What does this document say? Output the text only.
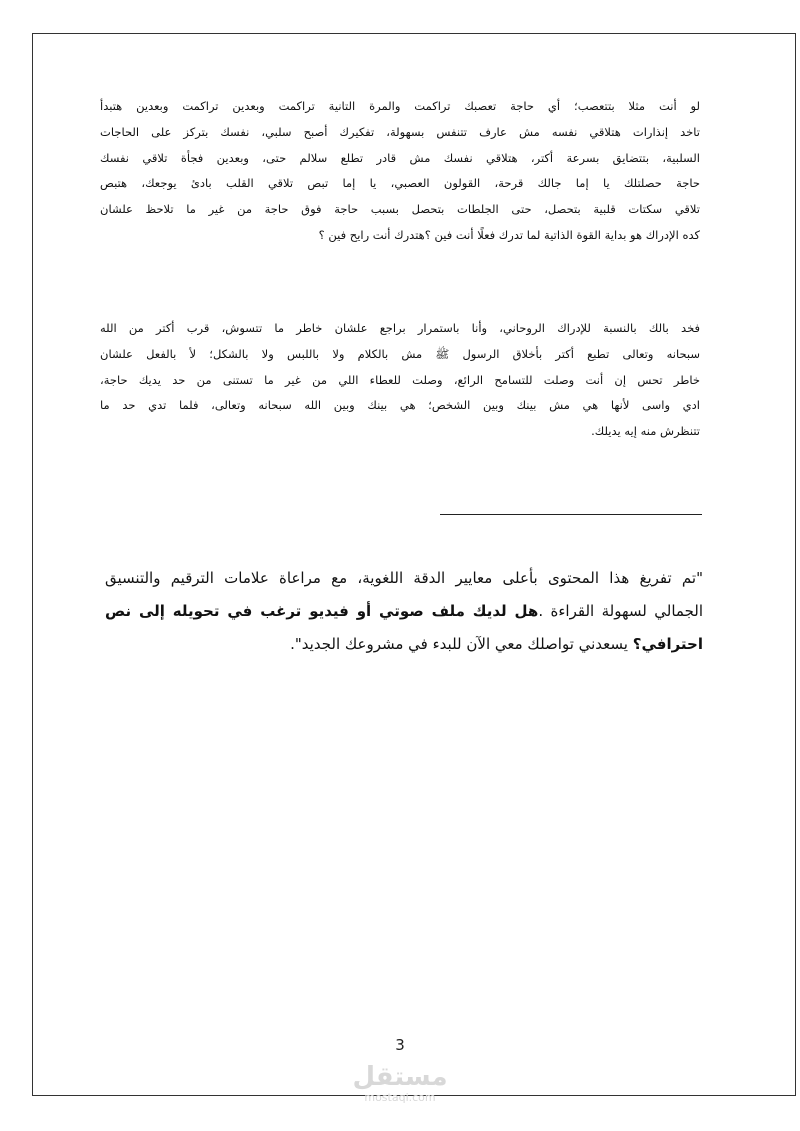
لو أنت مثلا بتتعصب؛ أي حاجة تعصبك تراكمت والمرة التانية تراكمت وبعدين تراكمت وبعدين هتبدأ
تاخد إنذارات هتلاقي نفسه مش عارف تتنفس بسهولة، تفكيرك أصبح سلبي، نفسك بتركز على الحاجات
السلبية، بتتضايق بسرعة أكتر، هتلاقي نفسك مش قادر تطلع سلالم حتى، وبعدين فجأة تلاقي نفسك
حاجة حصلتلك يا إما جالك قرحة، القولون العصبي، يا إما تبص تلاقي القلب بادئ يوجعك، هتبص
تلاقي سكتات قلبية بتحصل، حتى الجلطات بتحصل بسبب حاجة فوق حاجة من غير ما تلاحظ علشان
كده الإدراك هو بداية القوة الذاتية لما تدرك فعلًا أنت فين ؟هتدرك أنت رايح فين ؟
فخد بالك بالنسبة للإدراك الروحاني، وأنا باستمرار براجع علشان خاطر ما تتسوش، قرب أكتر من الله
سبحانه وتعالى تطبع أكتر بأخلاق الرسول ﷺ مش بالكلام ولا باللبس ولا بالشكل؛ لأ بالفعل علشان
خاطر تحس إن أنت وصلت للتسامح الرائع، وصلت للعطاء اللي من غير ما تستنى من حد يديك حاجة،
ادي واسى لأنها هي مش بينك وبين الشخص؛ هي بينك وبين الله سبحانه وتعالى، فلما تدي حد ما
تتنظرش منه إيه يديلك.
"تم تفريغ هذا المحتوى بأعلى معايير الدقة اللغوية، مع مراعاة علامات الترقيم والتنسيق
الجمالي لسهولة القراءة .هل لديك ملف صوتي أو فيديو ترغب في تحويله إلى نص
احترافي؟ يسعدني تواصلك معي الآن للبدء في مشروعك الجديد".
3
مستقل
mostaqi.com
